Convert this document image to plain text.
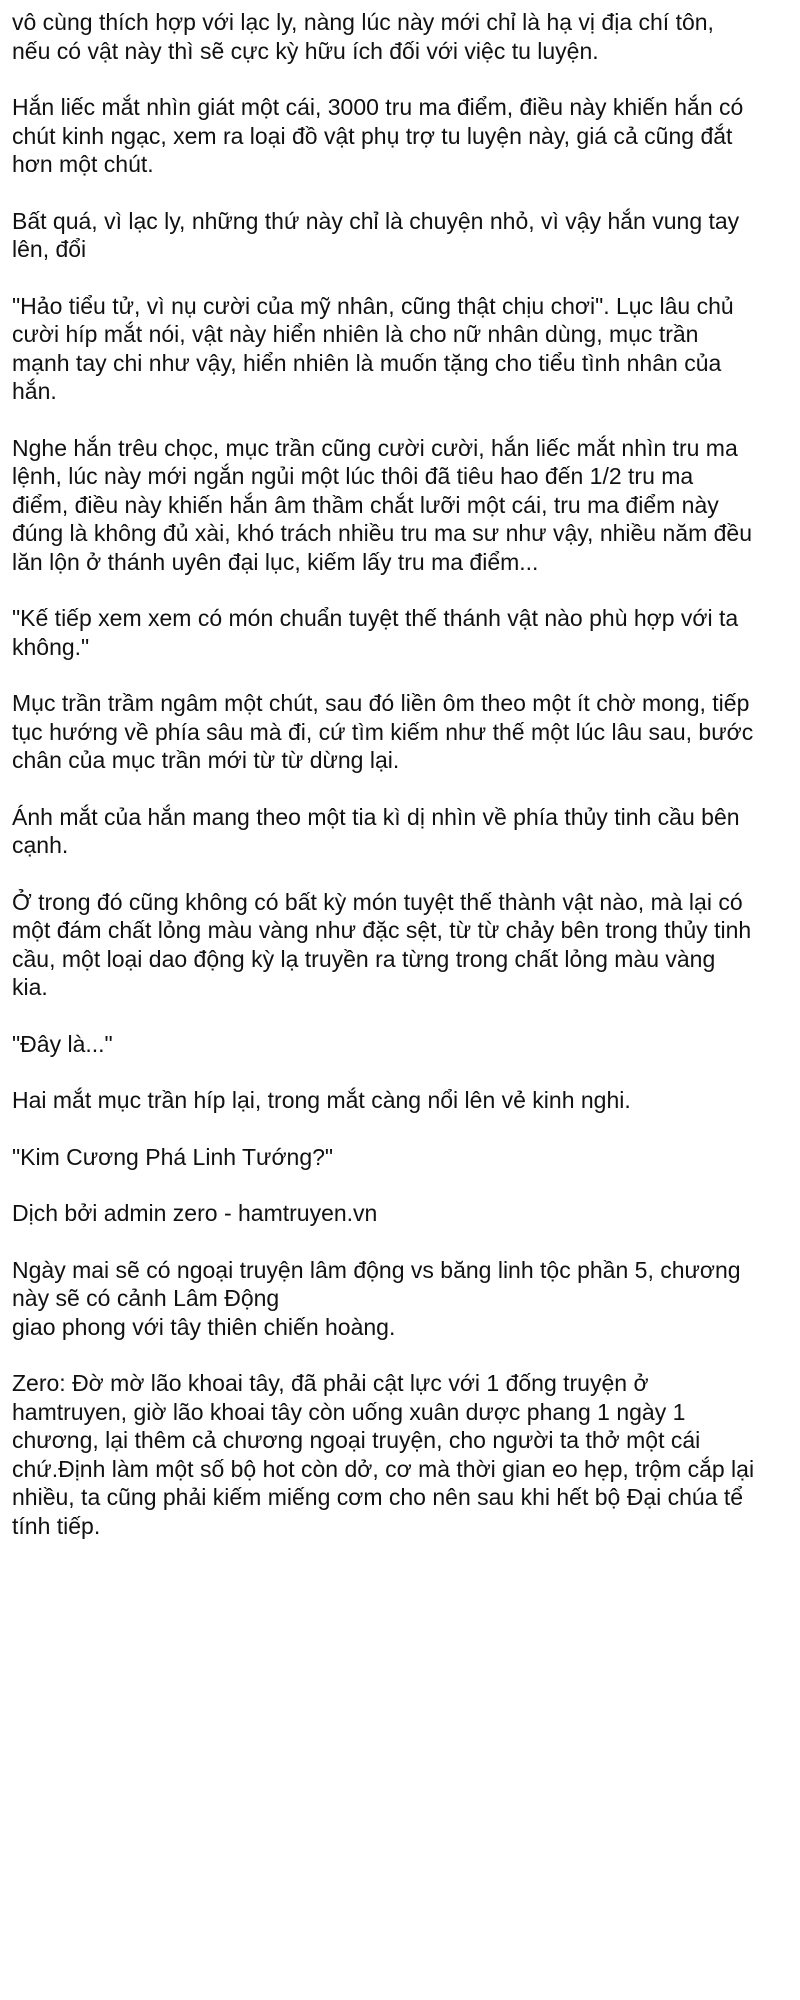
vô cùng thích hợp với lạc ly, nàng lúc này mới chỉ là hạ vị địa chí tôn,
nếu có vật này thì sẽ cực kỳ hữu ích đối với việc tu luyện.

Hắn liếc mắt nhìn giát một cái, 3000 tru ma điểm, điều này khiến hắn có
chút kinh ngạc, xem ra loại đồ vật phụ trợ tu luyện này, giá cả cũng đắt
hơn một chút.

Bất quá, vì lạc ly, những thứ này chỉ là chuyện nhỏ, vì vậy hắn vung tay
lên, đổi

"Hảo tiểu tử, vì nụ cười của mỹ nhân, cũng thật chịu chơi". Lục lâu chủ
cười híp mắt nói, vật này hiển nhiên là cho nữ nhân dùng, mục trần
mạnh tay chi như vậy, hiển nhiên là muốn tặng cho tiểu tình nhân của
hắn.

Nghe hắn trêu chọc, mục trần cũng cười cười, hắn liếc mắt nhìn tru ma
lệnh, lúc này mới ngắn ngủi một lúc thôi đã tiêu hao đến 1/2 tru ma
điểm, điều này khiến hắn âm thầm chắt lưỡi một cái, tru ma điểm này
đúng là không đủ xài, khó trách nhiều tru ma sư như vậy, nhiều năm đều
lăn lộn ở thánh uyên đại lục, kiếm lấy tru ma điểm...

"Kế tiếp xem xem có món chuẩn tuyệt thế thánh vật nào phù hợp với ta
không."

Mục trần trầm ngâm một chút, sau đó liền ôm theo một ít chờ mong, tiếp
tục hướng về phía sâu mà đi, cứ tìm kiếm như thế một lúc lâu sau, bước
chân của mục trần mới từ từ dừng lại.

Ánh mắt của hắn mang theo một tia kì dị nhìn về phía thủy tinh cầu bên
cạnh.

Ở trong đó cũng không có bất kỳ món tuyệt thế thành vật nào, mà lại có
một đám chất lỏng màu vàng như đặc sệt, từ từ chảy bên trong thủy tinh
cầu, một loại dao động kỳ lạ truyền ra từng trong chất lỏng màu vàng
kia.

"Đây là..."

Hai mắt mục trần híp lại, trong mắt càng nổi lên vẻ kinh nghi.

"Kim Cương Phá Linh Tướng?"

Dịch bởi admin zero - hamtruyen.vn

Ngày mai sẽ có ngoại truyện lâm động vs băng linh tộc phần 5, chương
này sẽ có cảnh Lâm Động
giao phong với tây thiên chiến hoàng.

Zero: Đờ mờ lão khoai tây, đã phải cật lực với 1 đống truyện ở
hamtruyen, giờ lão khoai tây còn uống xuân dược phang 1 ngày 1
chương, lại thêm cả chương ngoại truyện, cho người ta thở một cái
chứ.Định làm một số bộ hot còn dở, cơ mà thời gian eo hẹp, trộm cắp lại
nhiều, ta cũng phải kiếm miếng cơm cho nên sau khi hết bộ Đại chúa tể
tính tiếp.
